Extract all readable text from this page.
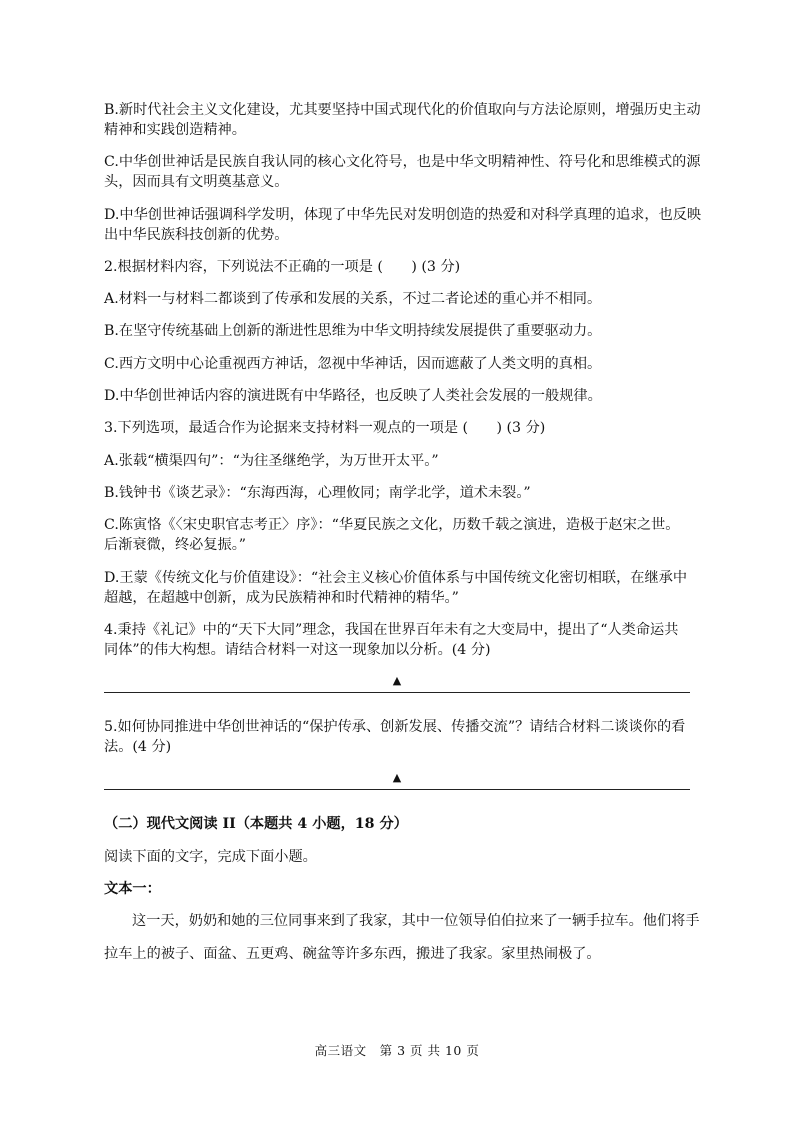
B.新时代社会主义文化建设，尤其要坚持中国式现代化的价值取向与方法论原则，增强历史主动

精神和实践创造精神。

C.中华创世神话是民族自我认同的核心文化符号，也是中华文明精神性、符号化和思维模式的源

头，因而具有文明奠基意义。

D.中华创世神话强调科学发明，体现了中华先民对发明创造的热爱和对科学真理的追求，也反映

出中华民族科技创新的优势。

2.根据材料内容，下列说法不正确的一项是 (　　) (3 分)

A.材料一与材料二都谈到了传承和发展的关系，不过二者论述的重心并不相同。

B.在坚守传统基础上创新的渐进性思维为中华文明持续发展提供了重要驱动力。

C.西方文明中心论重视西方神话，忽视中华神话，因而遮蔽了人类文明的真相。

D.中华创世神话内容的演进既有中华路径，也反映了人类社会发展的一般规律。

3.下列选项，最适合作为论据来支持材料一观点的一项是 (　　) (3 分)

A.张载“横渠四句”：“为往圣继绝学，为万世开太平。”

B.钱钟书《谈艺录》：“东海西海，心理攸同；南学北学，道术未裂。”

C.陈寅恪《〈宋史职官志考正〉序》：“华夏民族之文化，历数千载之演进，造极于赵宋之世。

后渐衰微，终必复振。”

D.王蒙《传统文化与价值建设》：“社会主义核心价值体系与中国传统文化密切相联，在继承中

超越，在超越中创新，成为民族精神和时代精神的精华。”

4.秉持《礼记》中的“天下大同”理念，我国在世界百年未有之大变局中，提出了“人类命运共

同体”的伟大构想。请结合材料一对这一现象加以分析。(4 分)

▲

5.如何协同推进中华创世神话的“保护传承、创新发展、传播交流”？请结合材料二谈谈你的看

法。(4 分)

▲

（二）现代文阅读 II（本题共 4 小题，18 分）

阅读下面的文字，完成下面小题。

文本一：

这一天，奶奶和她的三位同事来到了我家，其中一位领导伯伯拉来了一辆手拉车。他们将手

拉车上的被子、面盆、五更鸡、碗盆等许多东西，搬进了我家。家里热闹极了。

高三语文　第 3 页 共 10 页
